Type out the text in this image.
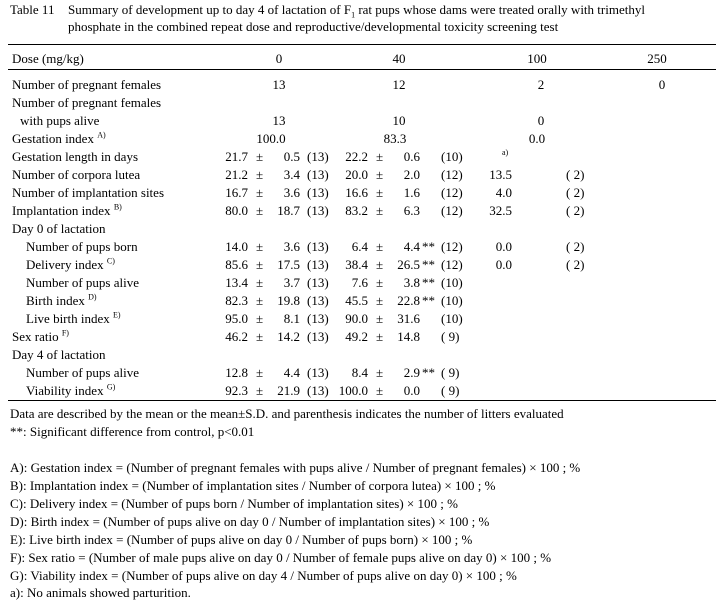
Table 11 Summary of development up to day 4 of lactation of $F_1$ rat pups whose dams were treated orally with trimethyl
phosphate in the combined repeat dose and reproductive/developmental toxicity screening test
Dose (mg/kg)	0	40	100	250
Number of pregnant females	13	12	2	0
Number of pregnant females
with pups alive	13	10	0
Gestation index $^{A)}$	100.0	83.3	0.0
Gestation length in days	21.7 ±	0.5 (13)	22.2 ±	0.6 (10)
Number of corpora lutea	21.2 ±	3.4 (13)	20.0 ±	2.0 (12)	13.5	( 2)
Number of implantation sites	16.7 ±	3.6 (13)	16.6 ±	1.6 (12)	4.0	( 2)
Implantation index $^{B)}$	80.0 ±	18.7 (13)	83.2 ±	6.3 (12)	32.5	( 2)
Number of pups born	14.0 ±	3.6 (13)	6.4 ±	4.4 ** (12)	0.0	( 2)
Delivery index $^{C)}$	85.6 ±	17.5 (13)	38.4 ±	26.5 ** (12)	0.0	( 2)
Number of pups alive	13.4 ±	3.7 (13)	7.6 ±	3.8 ** (10)
Birth index $^{D)}$	82.3 ±	19.8 (13)	45.5 ±	22.8 ** (10)
Live birth index $^{E)}$	95.0 ±	8.1 (13)	90.0 ±	31.6 (10)
Sex ratio $^{F)}$	46.2 ±	14.2 (13)	49.2 ±	14.8 ( 9)
Number of pups alive	12.8 ±	4.4 (13)	8.4 ±	2.9 ** ( 9)
Viability index $^{G)}$	92.3 ±	21.9 (13) 100.0 ±	0.0 ( 9)
Day 0 of lactation
Day 4 of lactation
a)
Data are described by the mean or the mean±S.D. and parenthesis indicates the number of litters evaluated
**: Significant difference from control, p<0.01
A): Gestation index = (Number of pregnant females with pups alive / Number of pregnant females) × 100 ; %
B): Implantation index = (Number of implantation sites / Number of corpora lutea) × 100 ; %
C): Delivery index = (Number of pups born / Number of implantation sites) × 100 ; %
D): Birth index = (Number of pups alive on day 0 / Number of implantation sites) × 100 ; %
E): Live birth index = (Number of pups alive on day 0 / Number of pups born) × 100 ; %
F): Sex ratio = (Number of male pups alive on day 0 / Number of female pups alive on day 0) × 100 ; %
G): Viability index = (Number of pups alive on day 4 / Number of pups alive on day 0) × 100 ; %
a): No animals showed parturition.
